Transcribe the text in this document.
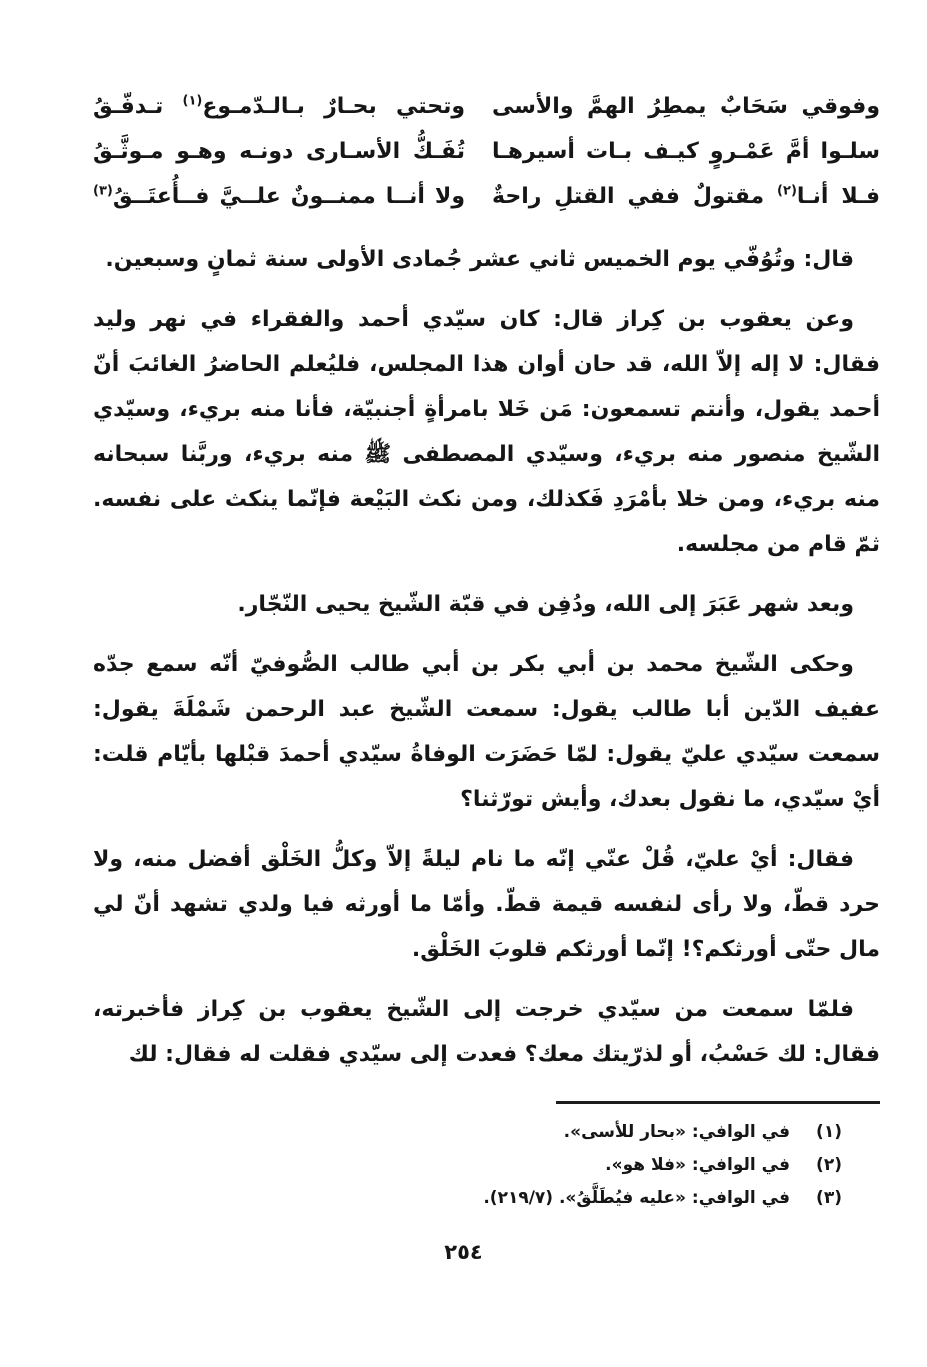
وفوقي سَحَابٌ يمطِرُ الهمَّ والأسى
وتحتي بحـارٌ بـالـدّمـوع$^{(١)}$ تـدفّـقُ
سلـوا أمَّ عَمْـروٍ كيـف بـات أسيرهـا
تُفَـكُّ الأسـارى دونـه وهـو مـوثَّـقُ
فـلا أنـا$^{(٢)}$ مقتولٌ ففي القتلِ راحةٌ
ولا أنــا ممنــونٌ علــيَّ فــأُعتَــقُ$^{(٣)}$

قال: وتُوُفّي يوم الخميس ثاني عشر جُمادى الأولى سنة ثمانٍ وسبعين.

وعن يعقوب بن كِراز قال: كان سيّدي أحمد والفقراء في نهر وليد فقال: لا إله إلاّ الله، قد حان أوان هذا المجلس، فليُعلم الحاضرُ الغائبَ أنّ أحمد يقول، وأنتم تسمعون: مَن خَلا بامرأةٍ أجنبيّة، فأنا منه بريء، وسيّدي الشّيخ منصور منه بريء، وسيّدي المصطفى ﷺ منه بريء، وربَّنا سبحانه منه بريء، ومن خلا بأمْرَدِ فَكذلك، ومن نكث البَيْعة فإنّما ينكث على نفسه. ثمّ قام من مجلسه.

وبعد شهر عَبَرَ إلى الله، ودُفِن في قبّة الشّيخ يحيى النّجّار.

وحكى الشّيخ محمد بن أبي بكر بن أبي طالب الصُّوفيّ أنّه سمع جدّه عفيف الدّين أبا طالب يقول: سمعت الشّيخ عبد الرحمن شَمْلَةَ يقول: سمعت سيّدي عليّ يقول: لمّا حَضَرَت الوفاةُ سيّدي أحمدَ قبْلها بأيّام قلت: أيْ سيّدي، ما نقول بعدك، وأيش تورّثنا؟

فقال: أيْ عليّ، قُلْ عنّي إنّه ما نام ليلةً إلاّ وكلُّ الخَلْق أفضل منه، ولا حرد قطّ، ولا رأى لنفسه قيمة قطّ. وأمّا ما أورثه فيا ولدي تشهد أنّ لي مال حتّى أورثكم؟! إنّما أورثكم قلوبَ الخَلْق.

فلمّا سمعت من سيّدي خرجت إلى الشّيخ يعقوب بن كِراز فأخبرته، فقال: لك حَسْبُ، أو لذرّيتك معك؟ فعدت إلى سيّدي فقلت له فقال: لك

(١)
في الوافي: «بحار للأسى».
(٢)
في الوافي: «فلا هو».
(٣)
في الوافي: «عليه فيُطَلَّقُ». (٢١٩/٧).
٢٥٤
